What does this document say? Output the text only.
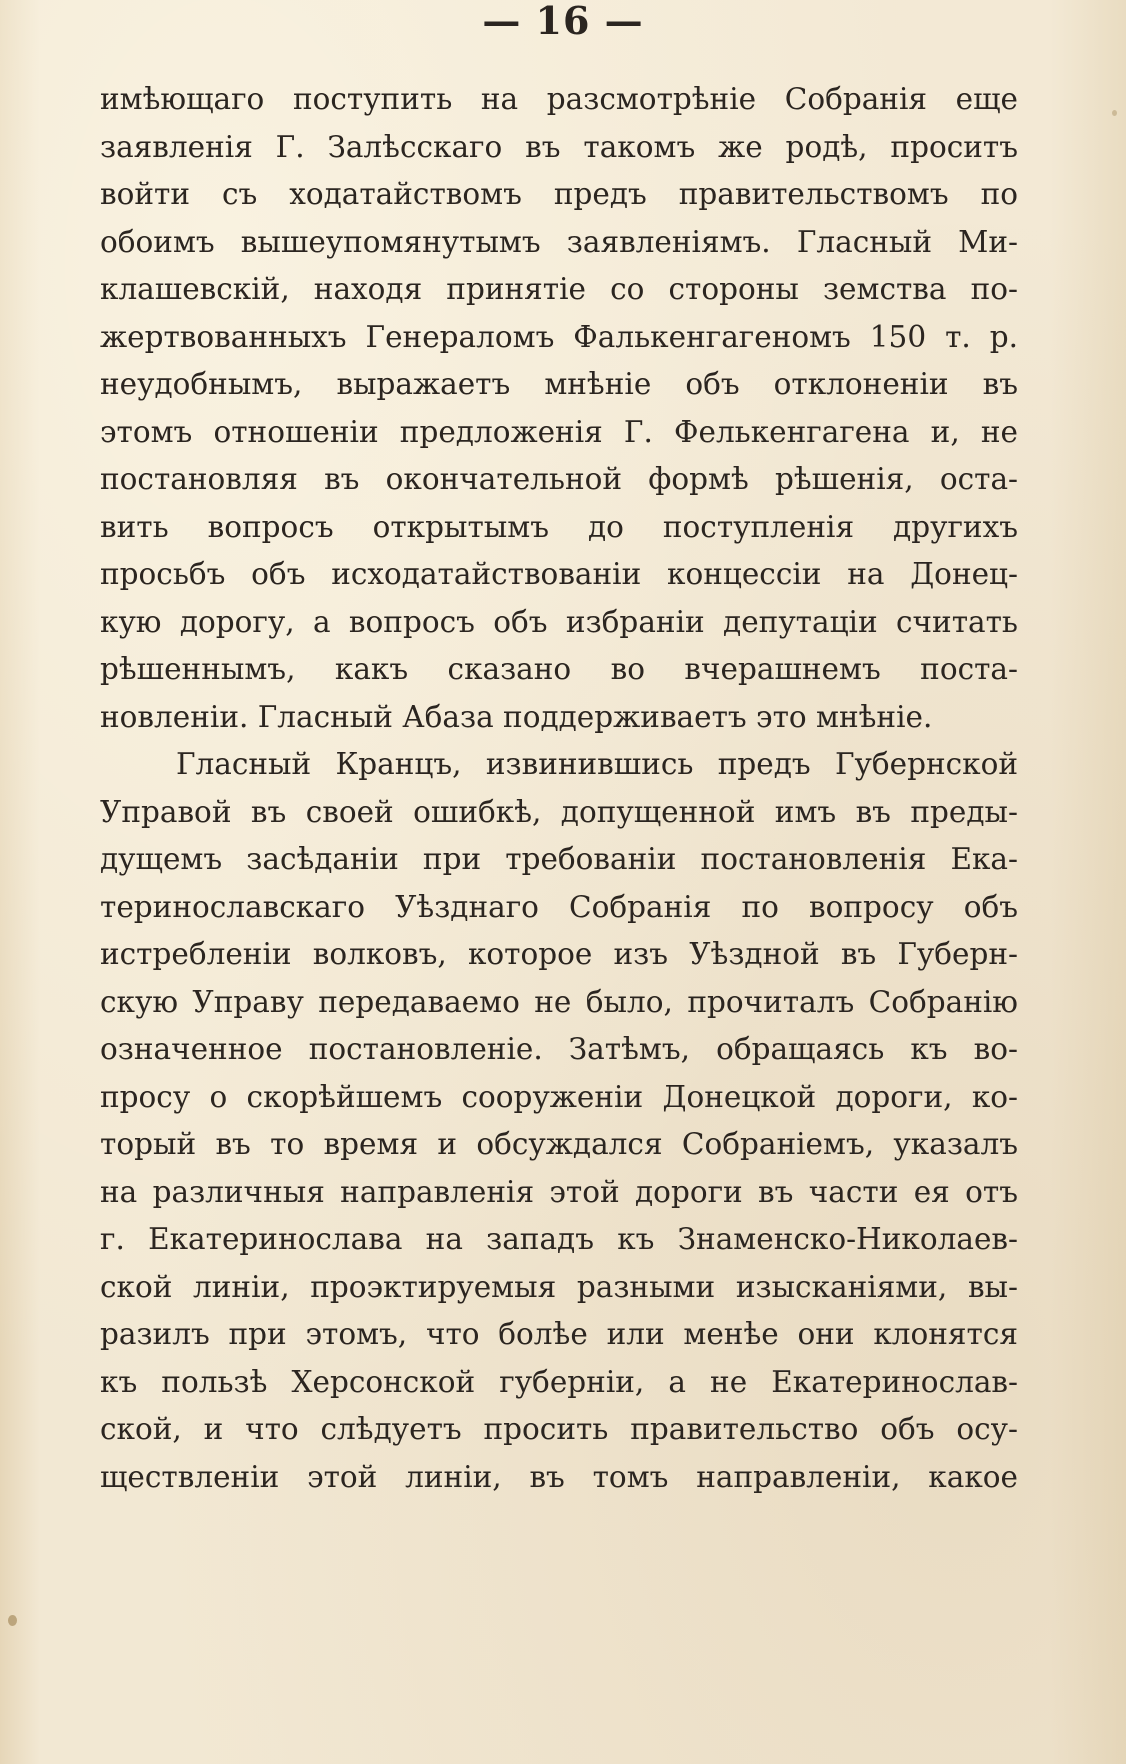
— 16 —
имѣющаго поступить на разсмотрѣніе Собранія еще
заявленія Г. Залѣсскаго въ такомъ же родѣ, проситъ
войти съ ходатайствомъ предъ правительствомъ по
обоимъ вышеупомянутымъ заявленіямъ. Гласный Ми-
клашевскій, находя принятіе со стороны земства по-
жертвованныхъ Генераломъ Фалькенгагеномъ 150 т. р.
неудобнымъ, выражаетъ мнѣніе объ отклоненіи въ
этомъ отношеніи предложенія Г. Фелькенгагена и, не
постановляя въ окончательной формѣ рѣшенія, оста-
вить вопросъ открытымъ до поступленія другихъ
просьбъ объ исходатайствованіи концессіи на Донец-
кую дорогу, а вопросъ объ избраніи депутаціи считать
рѣшеннымъ, какъ сказано во вчерашнемъ поста-
новленіи. Гласный Абаза поддерживаетъ это мнѣніе.
Гласный Кранцъ, извинившись предъ Губернской
Управой въ своей ошибкѣ, допущенной имъ въ преды-
дущемъ засѣданіи при требованіи постановленія Ека-
теринославскаго Уѣзднаго Собранія по вопросу объ
истребленіи волковъ, которое изъ Уѣздной въ Губерн-
скую Управу передаваемо не было, прочиталъ Собранію
означенное постановленіе. Затѣмъ, обращаясь къ во-
просу о скорѣйшемъ сооруженіи Донецкой дороги, ко-
торый въ то время и обсуждался Собраніемъ, указалъ
на различныя направленія этой дороги въ части ея отъ
г. Екатеринослава на западъ къ Знаменско-Николаев-
ской линіи, проэктируемыя разными изысканіями, вы-
разилъ при этомъ, что болѣе или менѣе они клонятся
къ пользѣ Херсонской губерніи, а не Екатеринослав-
ской, и что слѣдуетъ просить правительство объ осу-
ществленіи этой линіи, въ томъ направленіи, какое
